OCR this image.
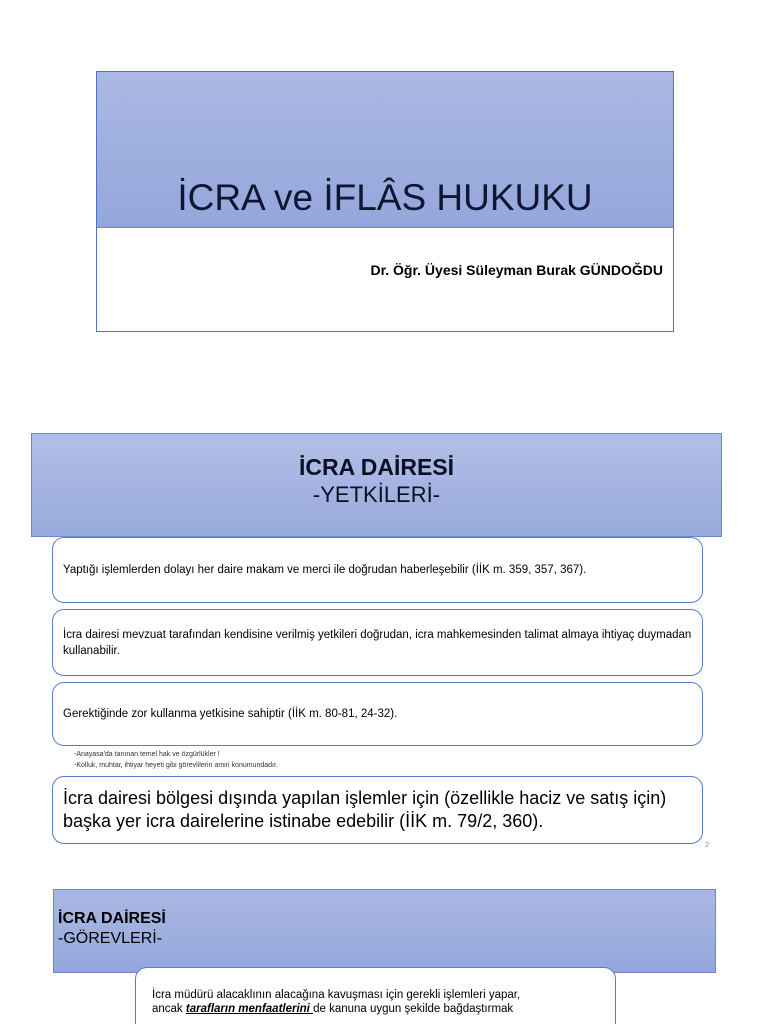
İCRA ve İFLÂS HUKUKU
Dr. Öğr. Üyesi Süleyman Burak GÜNDOĞDU
İCRA DAİRESİ
-YETKİLERİ-
Yaptığı işlemlerden dolayı her daire makam ve merci ile doğrudan haberleşebilir (İİK m. 359, 357, 367).
İcra dairesi mevzuat tarafından kendisine verilmiş yetkileri doğrudan, icra mahkemesinden talimat almaya ihtiyaç duymadan kullanabilir.
Gerektiğinde zor kullanma yetkisine sahiptir (İİK m. 80-81, 24-32).
-Anayasa'da tanınan temel hak ve özgürlükler !
-Kolluk, muhtar, ihtiyar heyeti gibi görevlilerin amiri konumundadır.
İcra dairesi bölgesi dışında yapılan işlemler için (özellikle haciz ve satış için) başka yer icra dairelerine istinabe edebilir (İİK m. 79/2, 360).
2
İCRA DAİRESİ
-GÖREVLERİ-
İcra müdürü alacaklının alacağına kavuşması için gerekli işlemleri yapar,
ancak tarafların menfaatlerini de kanuna uygun şekilde bağdaştırmak
